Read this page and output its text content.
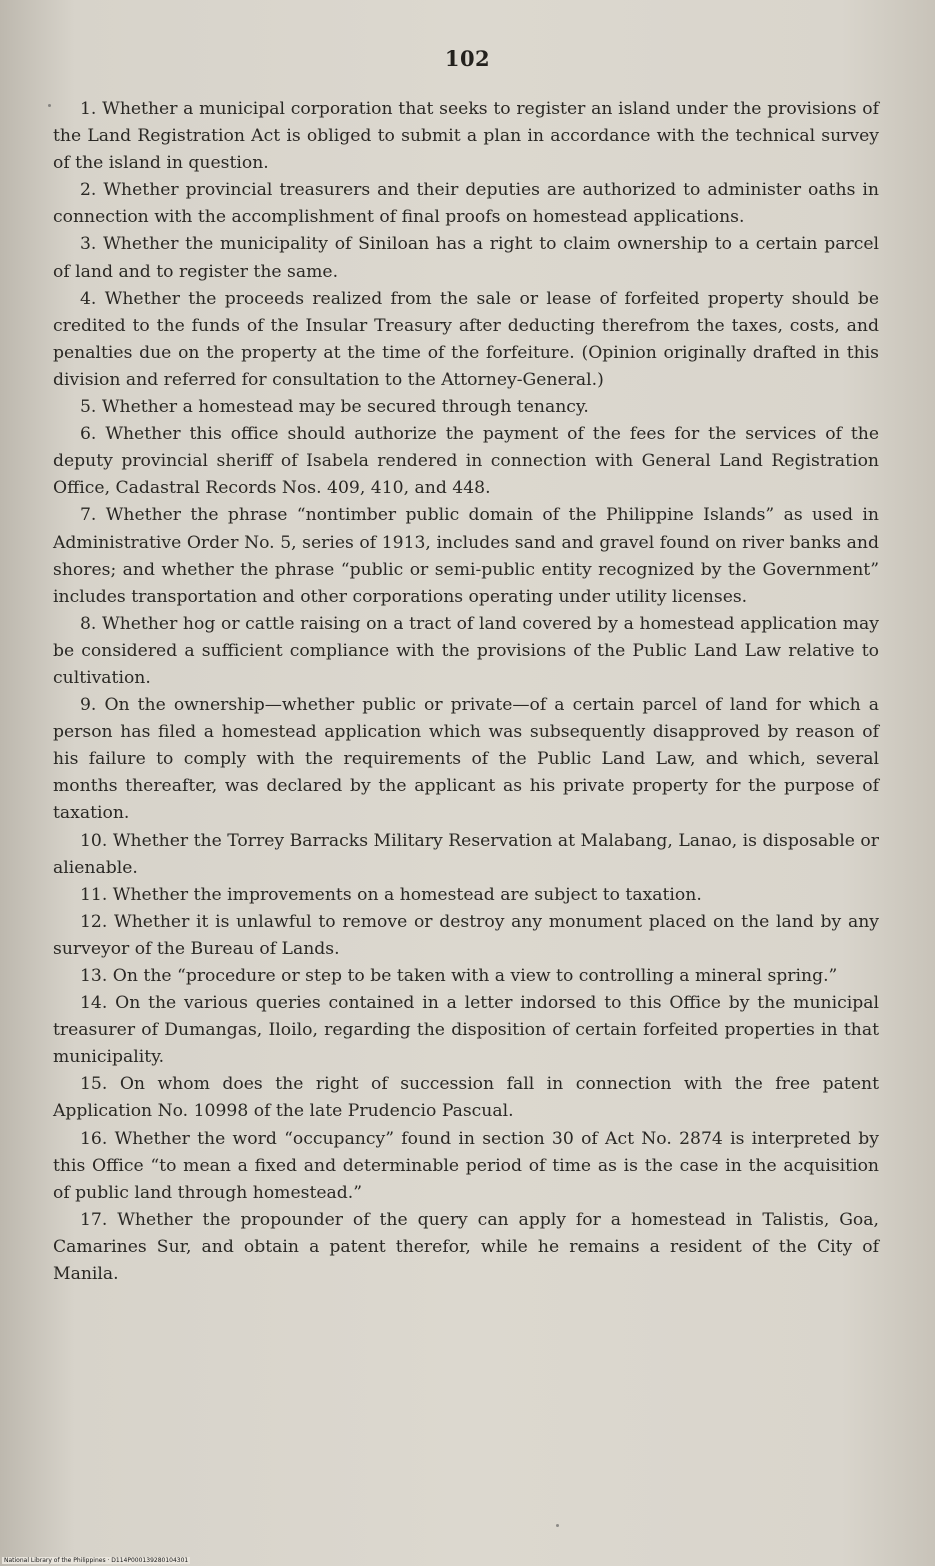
102
1. Whether a municipal corporation that seeks to register an island under the provisions of the Land Registration Act is obliged to submit a plan in accordance with the technical survey of the island in question.
2. Whether provincial treasurers and their deputies are authorized to administer oaths in connection with the accomplishment of final proofs on homestead applications.
3. Whether the municipality of Siniloan has a right to claim ownership to a certain parcel of land and to register the same.
4. Whether the proceeds realized from the sale or lease of forfeited property should be credited to the funds of the Insular Treasury after deducting therefrom the taxes, costs, and penalties due on the property at the time of the forfeiture. (Opinion originally drafted in this division and referred for consultation to the Attorney-General.)
5. Whether a homestead may be secured through tenancy.
6. Whether this office should authorize the payment of the fees for the services of the deputy provincial sheriff of Isabela rendered in connection with General Land Registration Office, Cadastral Records Nos. 409, 410, and 448.
7. Whether the phrase “nontimber public domain of the Philippine Islands” as used in Administrative Order No. 5, series of 1913, includes sand and gravel found on river banks and shores; and whether the phrase “public or semi-public entity recognized by the Government” includes transportation and other corporations operating under utility licenses.
8. Whether hog or cattle raising on a tract of land covered by a homestead application may be considered a sufficient compliance with the provisions of the Public Land Law relative to cultivation.
9. On the ownership—whether public or private—of a certain parcel of land for which a person has filed a homestead application which was subsequently disapproved by reason of his failure to comply with the requirements of the Public Land Law, and which, several months thereafter, was declared by the applicant as his private property for the purpose of taxation.
10. Whether the Torrey Barracks Military Reservation at Malabang, Lanao, is disposable or alienable.
11. Whether the improvements on a homestead are subject to taxation.
12. Whether it is unlawful to remove or destroy any monument placed on the land by any surveyor of the Bureau of Lands.
13. On the “procedure or step to be taken with a view to controlling a mineral spring.”
14. On the various queries contained in a letter indorsed to this Office by the municipal treasurer of Dumangas, Iloilo, regarding the disposition of certain forfeited properties in that municipality.
15. On whom does the right of succession fall in connection with the free patent Application No. 10998 of the late Prudencio Pascual.
16. Whether the word “occupancy” found in section 30 of Act No. 2874 is interpreted by this Office “to mean a fixed and determinable period of time as is the case in the acquisition of public land through homestead.”
17. Whether the propounder of the query can apply for a homestead in Talistis, Goa, Camarines Sur, and obtain a patent therefor, while he remains a resident of the City of Manila.
National Library of the Philippines · D114P000139280104301
